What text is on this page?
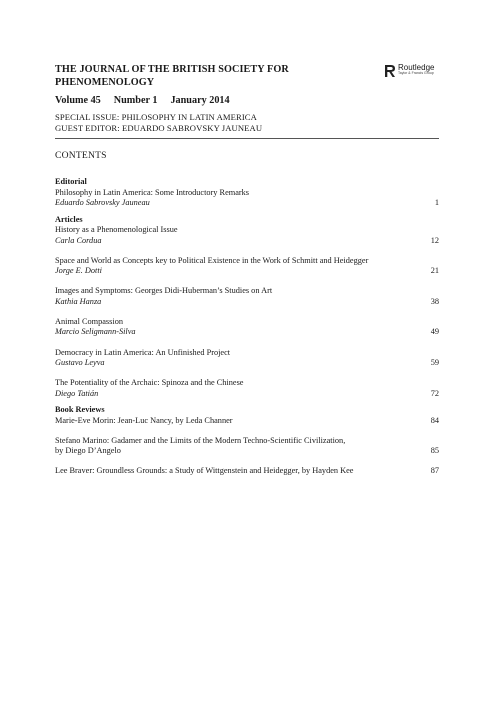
THE JOURNAL OF THE BRITISH SOCIETY FOR
PHENOMENOLOGY
Routledge
Taylor & Francis Group
Volume 45 Number 1 January 2014
SPECIAL ISSUE: PHILOSOPHY IN LATIN AMERICA
GUEST EDITOR: EDUARDO SABROVSKY JAUNEAU
CONTENTS
Editorial
Philosophy in Latin America: Some Introductory Remarks
Eduardo Sabrovsky Jauneau	1
Articles
History as a Phenomenological Issue
Carla Cordua	12
Space and World as Concepts key to Political Existence in the Work of Schmitt and Heidegger
Jorge E. Dotti	21
Images and Symptoms: Georges Didi-Huberman’s Studies on Art
Kathia Hanza	38
Animal Compassion
Marcio Seligmann-Silva	49
Democracy in Latin America: An Unfinished Project
Gustavo Leyva	59
The Potentiality of the Archaic: Spinoza and the Chinese
Diego Tatián	72
Book Reviews
Marie-Eve Morin: Jean-Luc Nancy, by Leda Channer	84
Stefano Marino: Gadamer and the Limits of the Modern Techno-Scientific Civilization,
by Diego D’Angelo	85
Lee Braver: Groundless Grounds: a Study of Wittgenstein and Heidegger, by Hayden Kee	87
